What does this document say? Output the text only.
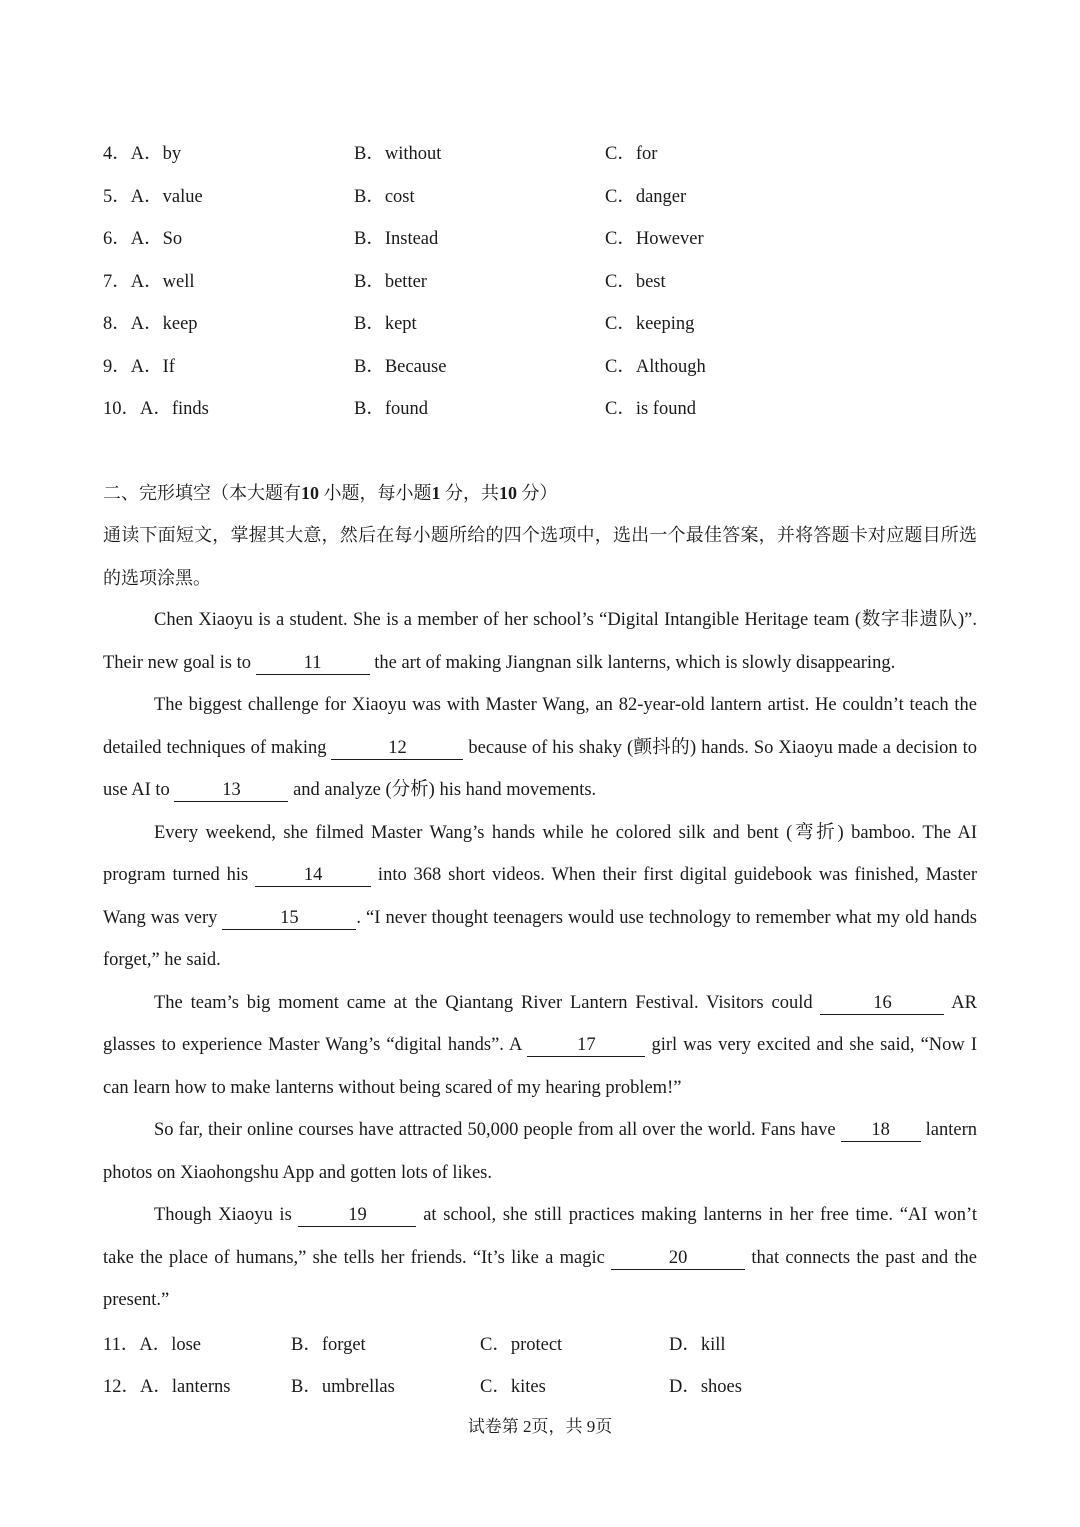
4．A．by	B．without	C．for
5．A．value	B．cost	C．danger
6．A．So	B．Instead	C．However
7．A．well	B．better	C．best
8．A．keep	B．kept	C．keeping
9．A．If	B．Because	C．Although
10．A．finds	B．found	C．is found
二、完形填空（本大题有10 小题，每小题1 分，共10 分）
通读下面短文，掌握其大意，然后在每小题所给的四个选项中，选出一个最佳答案，并将答题卡对应题目所选的选项涂黑。

Chen Xiaoyu is a student. She is a member of her school’s “Digital Intangible Heritage team (数字非遗队)”. Their new goal is to	11	the art of making Jiangnan silk lanterns, which is slowly disappearing.

The biggest challenge for Xiaoyu was with Master Wang, an 82-year-old lantern artist. He couldn’t teach the detailed techniques of making	12	because of his shaky (颤抖的) hands. So Xiaoyu made a decision to use AI to	13	and analyze (分析) his hand movements.

Every weekend, she filmed Master Wang’s hands while he colored silk and bent (弯折) bamboo. The AI program turned his	14	into 368 short videos. When their first digital guidebook was finished, Master Wang was very	15	. “I never thought teenagers would use technology to remember what my old hands forget,” he said.

The team’s big moment came at the Qiantang River Lantern Festival. Visitors could	16	AR glasses to experience Master Wang’s “digital hands”. A	17	girl was very excited and she said, “Now I can learn how to make lanterns without being scared of my hearing problem!”

So far, their online courses have attracted 50,000 people from all over the world. Fans have 18 lantern photos on Xiaohongshu App and gotten lots of likes.

Though Xiaoyu is	19	at school, she still practices making lanterns in her free time. “AI won’t take the place of humans,” she tells her friends. “It’s like a magic	20	that connects the past and the present.”

11．A．lose	B．forget	C．protect	D．kill
12．A．lanterns	B．umbrellas	C．kites	D．shoes
试卷第 2页，共 9页
